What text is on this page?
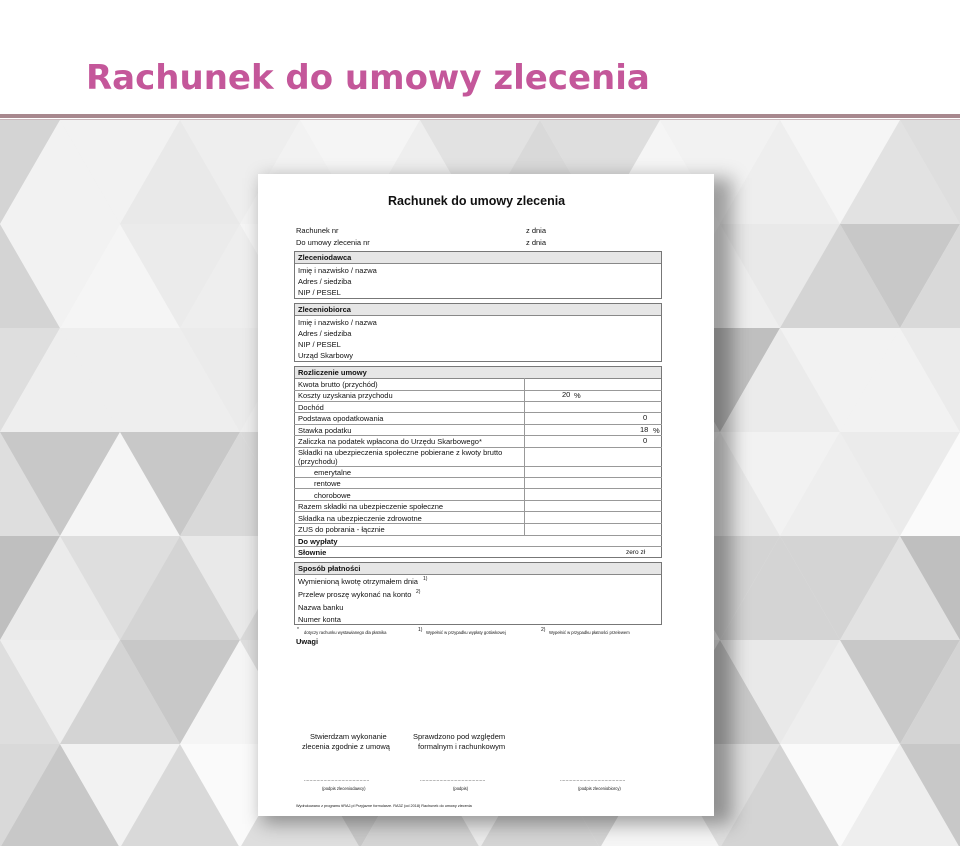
Rachunek do umowy zlecenia
Rachunek do umowy zlecenia
Rachunek nr	z dnia
Do umowy zlecenia nr	z dnia
Zleceniodawca
Imię i nazwisko / nazwa
Adres / siedziba
NIP / PESEL
Zleceniobiorca
Imię i nazwisko / nazwa
Adres / siedziba
NIP / PESEL
Urząd Skarbowy
Rozliczenie umowy
Kwota brutto (przychód)
Koszty uzyskania przychodu	20 %
Dochód
Podstawa opodatkowania	0
Stawka podatku	18 %
Zaliczka na podatek wpłacona do Urzędu Skarbowego*	0
Składki na ubezpieczenia społeczne pobierane z kwoty brutto
(przychodu)
emerytalne
rentowe
chorobowe
Razem składki na ubezpieczenie społeczne
Składka na ubezpieczenie zdrowotne
ZUS do pobrania - łącznie
Do wypłaty
Słownie	zero zł
Sposób płatności
Wymienioną kwotę otrzymałem dnia 1)
Przelew proszę wykonać na konto 2)
Nazwa banku
Numer konta
* dotyczy rachunku wystawianego dla płatnika	1) Wypełnić w przypadku wypłaty gotówkowej	2) Wypełnić w przypadku płatności przelewem
Uwagi
Stwierdzam wykonanie
zlecenia zgodnie z umową
Sprawdzono pod względem
formalnym i rachunkowym
...............................................	...............................................	...............................................
(podpis zleceniodawcy)	(podpis)	(podpis zleceniobiorcy)
Wydrukowano z programu tiRAJ.pl Przyjazne formularze. RA3Z (od 2018) Rachunek do umowy zlecenia
